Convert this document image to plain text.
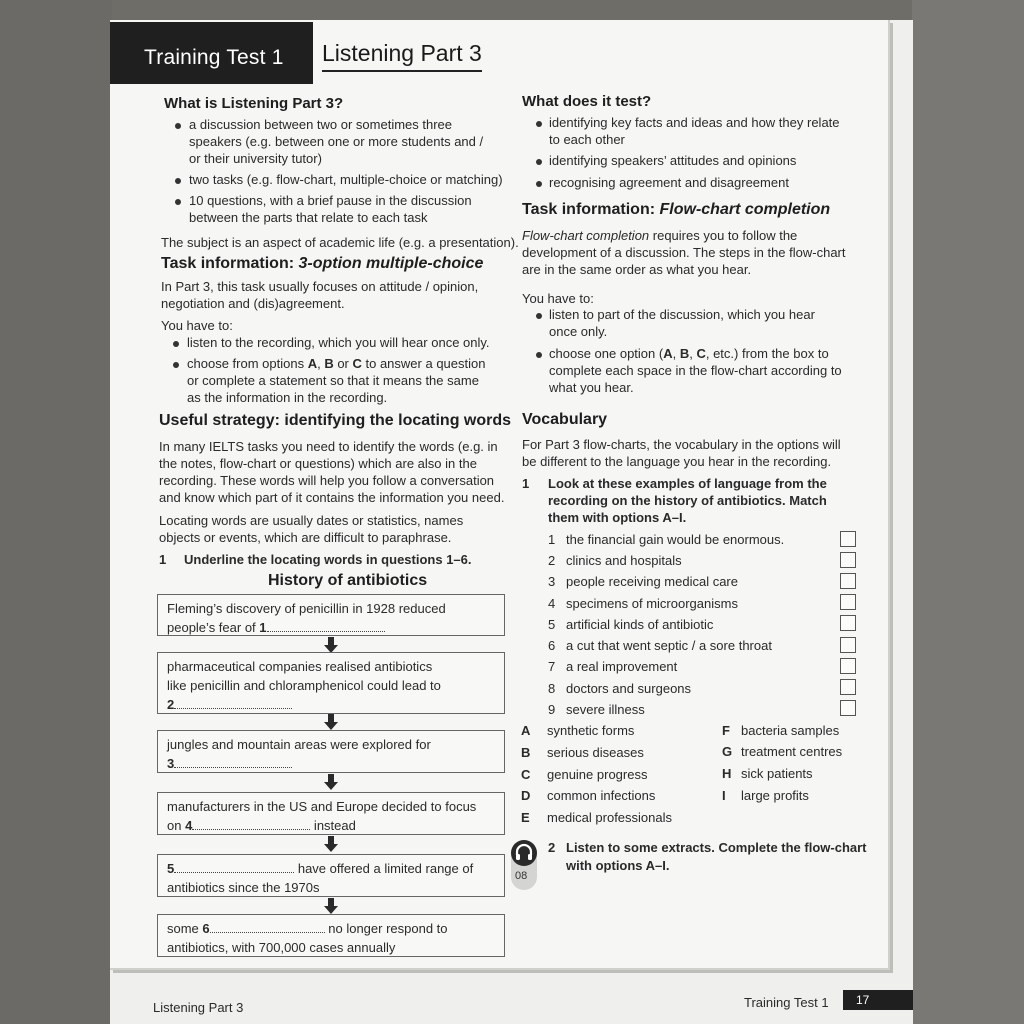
Training Test 1 Listening Part 3
What is Listening Part 3?
a discussion between two or sometimes three
speakers (e.g. between one or more students and /
or their university tutor)
two tasks (e.g. flow-chart, multiple-choice or matching)
10 questions, with a brief pause in the discussion
between the parts that relate to each task
The subject is an aspect of academic life (e.g. a presentation).
Task information: 3-option multiple-choice
In Part 3, this task usually focuses on attitude / opinion,
negotiation and (dis)agreement.
You have to:
listen to the recording, which you will hear once only.
choose from options A, B or C to answer a question
or complete a statement so that it means the same
as the information in the recording.
Useful strategy: identifying the locating words
In many IELTS tasks you need to identify the words (e.g. in
the notes, flow-chart or questions) which are also in the
recording. These words will help you follow a conversation
and know which part of it contains the information you need.
Locating words are usually dates or statistics, names
objects or events, which are difficult to paraphrase.
1 Underline the locating words in questions 1–6.
History of antibiotics
Fleming’s discovery of penicillin in 1928 reduced
people’s fear of 1
pharmaceutical companies realised antibiotics
like penicillin and chloramphenicol could lead to
2
jungles and mountain areas were explored for
3
manufacturers in the US and Europe decided to focus
on 4	instead
5	have offered a limited range of
antibiotics since the 1970s
some 6	no longer respond to
antibiotics, with 700,000 cases annually
What does it test?
identifying key facts and ideas and how they relate
to each other
identifying speakers’ attitudes and opinions
recognising agreement and disagreement
Task information: Flow-chart completion
Flow-chart completion requires you to follow the
development of a discussion. The steps in the flow-chart
are in the same order as what you hear.
You have to:
listen to part of the discussion, which you hear
once only.
choose one option (A, B, C, etc.) from the box to
complete each space in the flow-chart according to
what you hear.
Vocabulary
For Part 3 flow-charts, the vocabulary in the options will
be different to the language you hear in the recording.
1 Look at these examples of language from the
recording on the history of antibiotics. Match
them with options A–I.
1 the financial gain would be enormous.
2 clinics and hospitals
3 people receiving medical care
4 specimens of microorganisms
5 artificial kinds of antibiotic
6 a cut that went septic / a sore throat
7 a real improvement
8 doctors and surgeons
9 severe illness
A synthetic forms
B serious diseases
C genuine progress
D common infections
E medical professionals
F bacteria samples
G treatment centres
H sick patients
I large profits
08
2 Listen to some extracts. Complete the flow-chart
with options A–I.
Listening Part 3	Training Test 1 17
